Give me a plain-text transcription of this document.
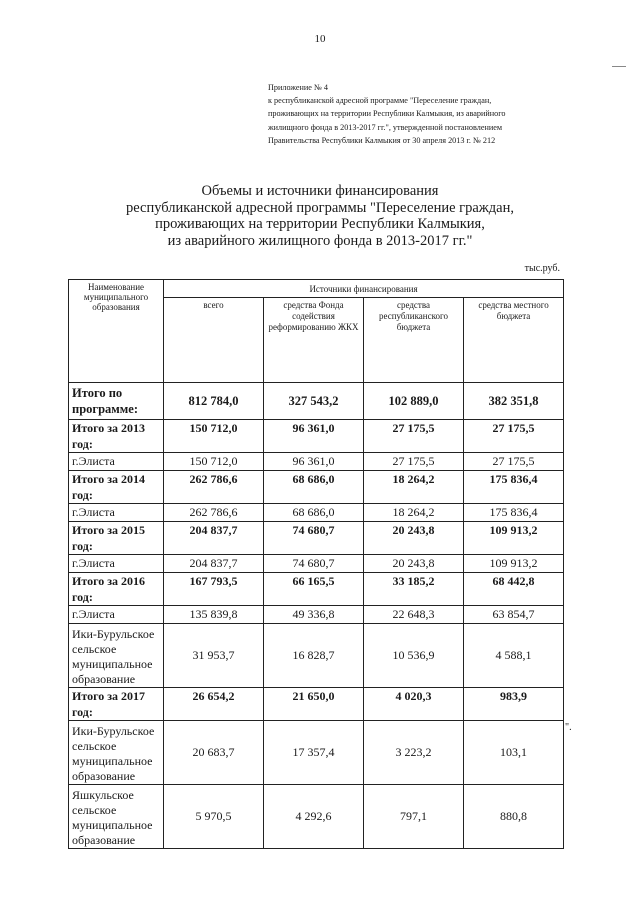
10
Приложение № 4
к республиканской адресной программе "Переселение граждан,
проживающих на территории Республики Калмыкия, из аварийного
жилищного фонда в 2013-2017 гг.", утвержденной постановлением
Правительства Республики Калмыкия от 30 апреля 2013 г. № 212
Объемы и источники финансирования
республиканской адресной программы "Переселение граждан,
проживающих на территории Республики Калмыкия,
из аварийного жилищного фонда в 2013-2017 гг."
тыс.руб.
Наименование муниципального образования	Источники финансирования			
	всего	средства Фонда содействия реформированию ЖКХ	средства республиканского бюджета	средства местного бюджета
Итого по программе:	812 784,0	327 543,2	102 889,0	382 351,8
Итого за 2013 год:	150 712,0	96 361,0	27 175,5	27 175,5
г.Элиста	150 712,0	96 361,0	27 175,5	27 175,5
Итого за 2014 год:	262 786,6	68 686,0	18 264,2	175 836,4
г.Элиста	262 786,6	68 686,0	18 264,2	175 836,4
Итого за 2015 год:	204 837,7	74 680,7	20 243,8	109 913,2
г.Элиста	204 837,7	74 680,7	20 243,8	109 913,2
Итого за 2016 год:	167 793,5	66 165,5	33 185,2	68 442,8
г.Элиста	135 839,8	49 336,8	22 648,3	63 854,7
Ики-Бурульское сельское муниципальное образование	31 953,7	16 828,7	10 536,9	4 588,1
Итого за 2017 год:	26 654,2	21 650,0	4 020,3	983,9
Ики-Бурульское сельское муниципальное образование	20 683,7	17 357,4	3 223,2	103,1
Яшкульское сельское муниципальное образование	5 970,5	4 292,6	797,1	880,8
".
